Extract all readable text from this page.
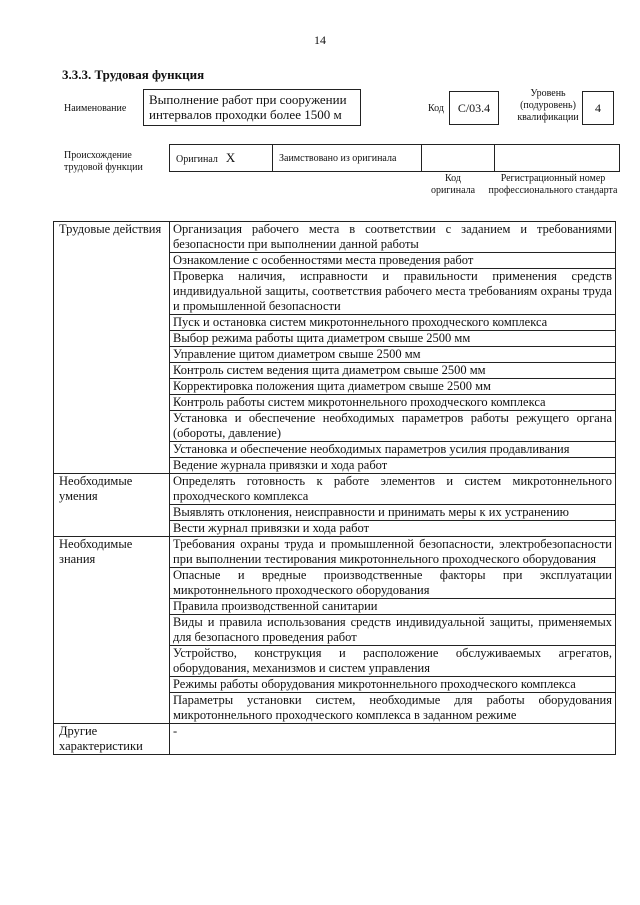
14
3.3.3. Трудовая функция
Наименование
Выполнение работ при сооружении интервалов проходки более 1500 м	Код	С/03.4
Уровень (подуровень) квалификации
4
Происхождение трудовой функции
Оригинал X	Заимствовано из оригинала		
Код оригинала
Регистрационный номер профессионального стандарта
Трудовые действия	Организация рабочего места в соответствии с заданием и требованиями безопасности при выполнении данной работы
	Ознакомление с особенностями места проведения работ
	Проверка наличия, исправности и правильности применения средств индивидуальной защиты, соответствия рабочего места требованиям охраны труда и промышленной безопасности
	Пуск и остановка систем микротоннельного проходческого комплекса
	Выбор режима работы щита диаметром свыше 2500 мм
	Управление щитом диаметром свыше 2500 мм
	Контроль систем ведения щита диаметром свыше 2500 мм
	Корректировка положения щита диаметром свыше 2500 мм
	Контроль работы систем микротоннельного проходческого комплекса
	Установка и обеспечение необходимых параметров работы режущего органа (обороты, давление)
	Установка и обеспечение необходимых параметров усилия продавливания
	Ведение журнала привязки и хода работ
Необходимые умения	Определять готовность к работе элементов и систем микротоннельного проходческого комплекса
	Выявлять отклонения, неисправности и принимать меры к их устранению
	Вести журнал привязки и хода работ
Необходимые знания	Требования охраны труда и промышленной безопасности, электробезопасности при выполнении тестирования микротоннельного проходческого оборудования
	Опасные и вредные производственные факторы при эксплуатации микротоннельного проходческого оборудования
	Правила производственной санитарии
	Виды и правила использования средств индивидуальной защиты, применяемых для безопасного проведения работ
	Устройство, конструкция и расположение обслуживаемых агрегатов, оборудования, механизмов и систем управления
	Режимы работы оборудования микротоннельного проходческого комплекса
	Параметры установки систем, необходимые для работы оборудования микротоннельного проходческого комплекса в заданном режиме
Другие характеристики	-
